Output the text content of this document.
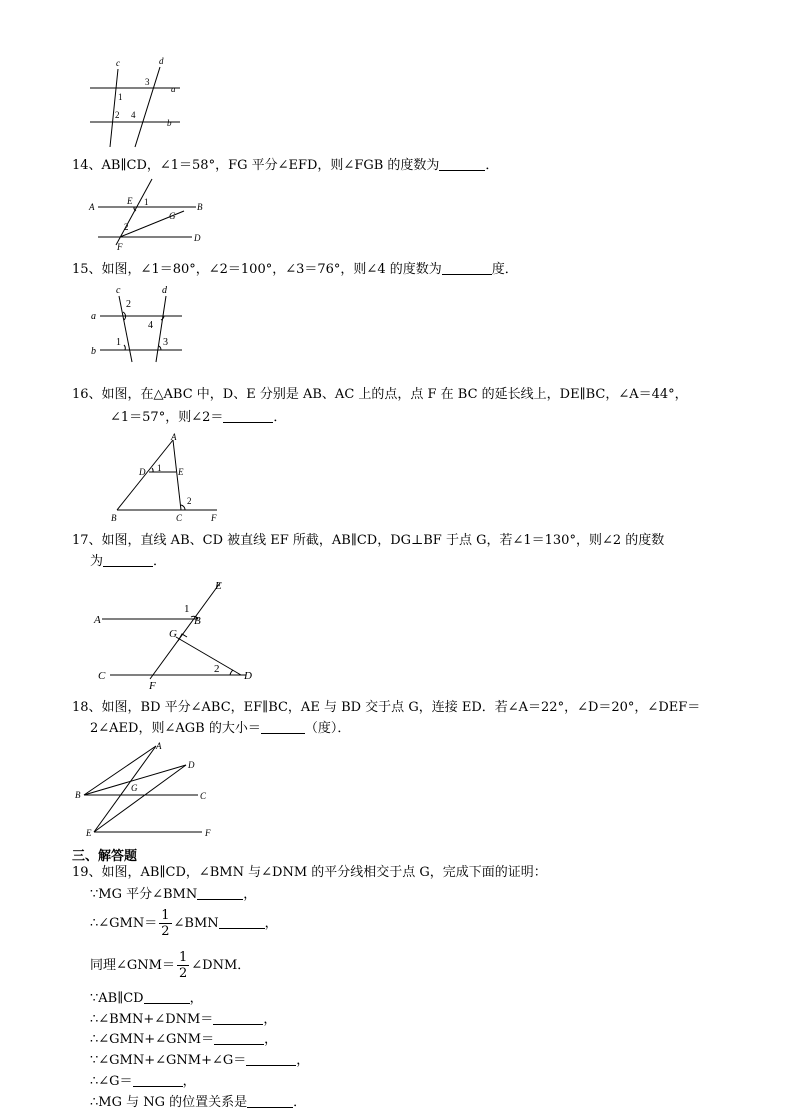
c	d
a
b
1
2
3
4
14、AB∥CD，∠1＝58°，FG 平分∠EFD，则∠FGB 的度数为	．
A	B
D
E
F
G
1
2
15、如图，∠1＝80°，∠2＝100°，∠3＝76°，则∠4 的度数为	度．
c	d
a
b
2
4
1	3
16、如图，在△ABC 中，D、E 分别是 AB、AC 上的点，点 F 在 BC 的延长线上，DE∥BC，∠A＝44°，
∠1＝57°，则∠2＝	．
A
B	C
D	E
F
1
2
17、如图，直线 AB、CD 被直线 EF 所截，AB∥CD，DG⊥BF 于点 G，若∠1＝130°，则∠2 的度数
为	．
A	B
C	D
E
F
G
1
2
18、如图，BD 平分∠ABC，EF∥BC，AE 与 BD 交于点 G，连接 ED．若∠A＝22°，∠D＝20°，∠DEF＝
2∠AED，则∠AGB 的大小＝	（度）．
A
B	C
D
E	F
G
三、解答题
19、如图，AB∥CD，∠BMN 与∠DNM 的平分线相交于点 G，完成下面的证明：
∵MG 平分∠BMN	，
∴∠GMN＝ $\frac{1}{2}$ ∠BMN	，
同理∠GNM＝ $\frac{1}{2}$ ∠DNM．
∵AB∥CD	，
∴∠BMN+∠DNM＝	，
∴∠GMN+∠GNM＝	，
∵∠GMN+∠GNM+∠G＝	，
∴∠G＝	，
∴MG 与 NG 的位置关系是	．
